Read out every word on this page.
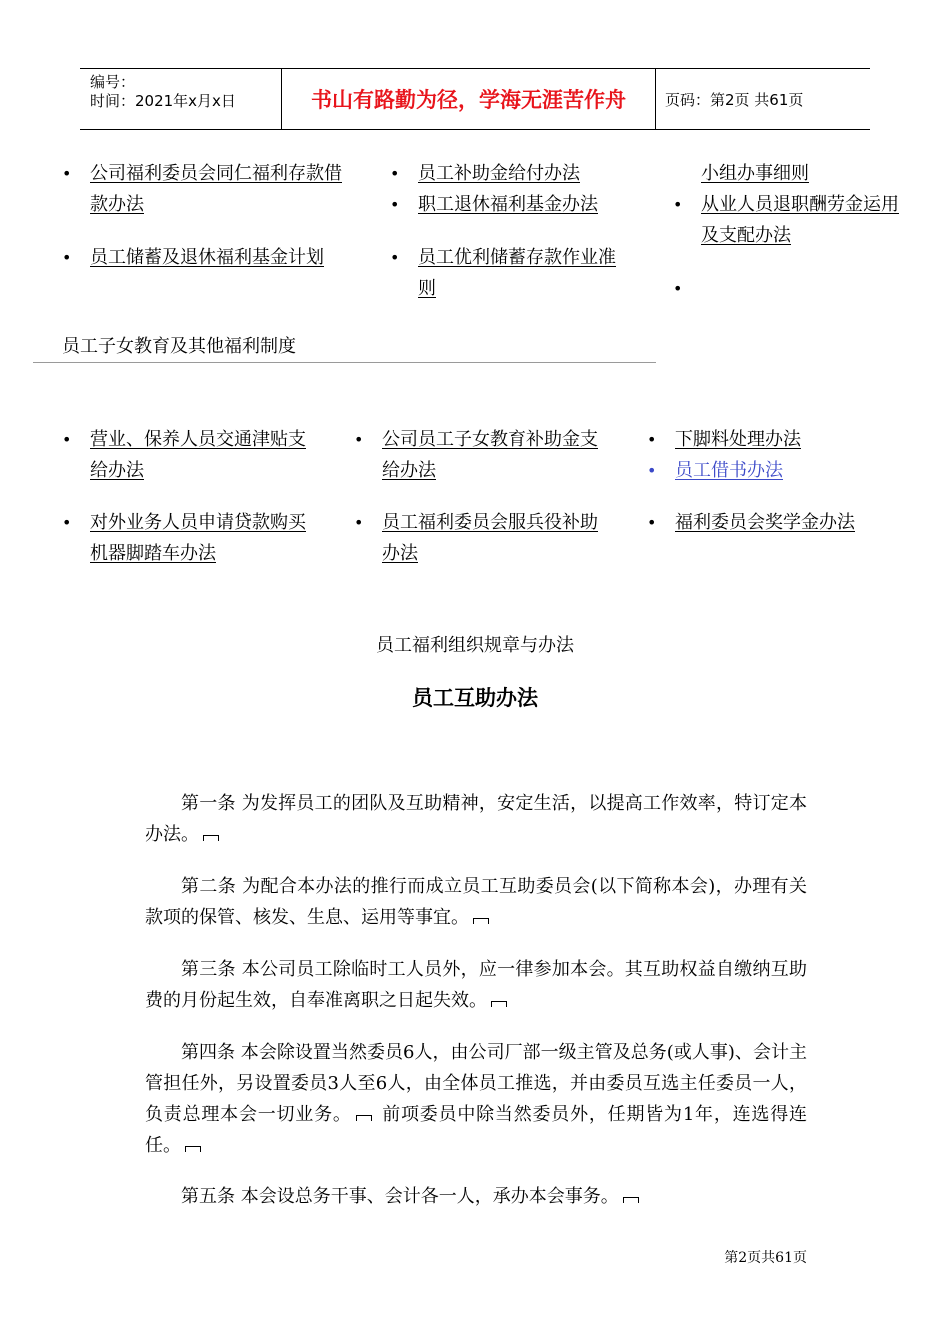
编号：
时间：2021年x月x日	书山有路勤为径，学海无涯苦作舟	页码：第2页 共61页
• 公司福利委员会同仁福利存款借
款办法
• 员工储蓄及退休福利基金计划
• 员工补助金给付办法
• 职工退休福利基金办法
• 员工优利储蓄存款作业准
则
小组办事细则
• 从业人员退职酬劳金运用
及支配办法
•
员工子女教育及其他福利制度
• 营业、保养人员交通津贴支
给办法
• 对外业务人员申请贷款购买
机器脚踏车办法
• 公司员工子女教育补助金支
给办法
• 员工福利委员会服兵役补助
办法
• 下脚料处理办法
• 员工借书办法
• 福利委员会奖学金办法
员工福利组织规章与办法
员工互助办法
第一条 为发挥员工的团队及互助精神，安定生活，以提高工作效率，特订定本办法。
第二条 为配合本办法的推行而成立员工互助委员会(以下简称本会)，办理有关款项的保管、核发、生息、运用等事宜。
第三条 本公司员工除临时工人员外，应一律参加本会。其互助权益自缴纳互助费的月份起生效，自奉准离职之日起失效。
第四条 本会除设置当然委员6人，由公司厂部一级主管及总务(或人事)、会计主管担任外，另设置委员3人至6人，由全体员工推选，并由委员互选主任委员一人，负责总理本会一切业务。 前项委员中除当然委员外，任期皆为1年，连选得连任。
第五条 本会设总务干事、会计各一人，承办本会事务。
第2页共61页
